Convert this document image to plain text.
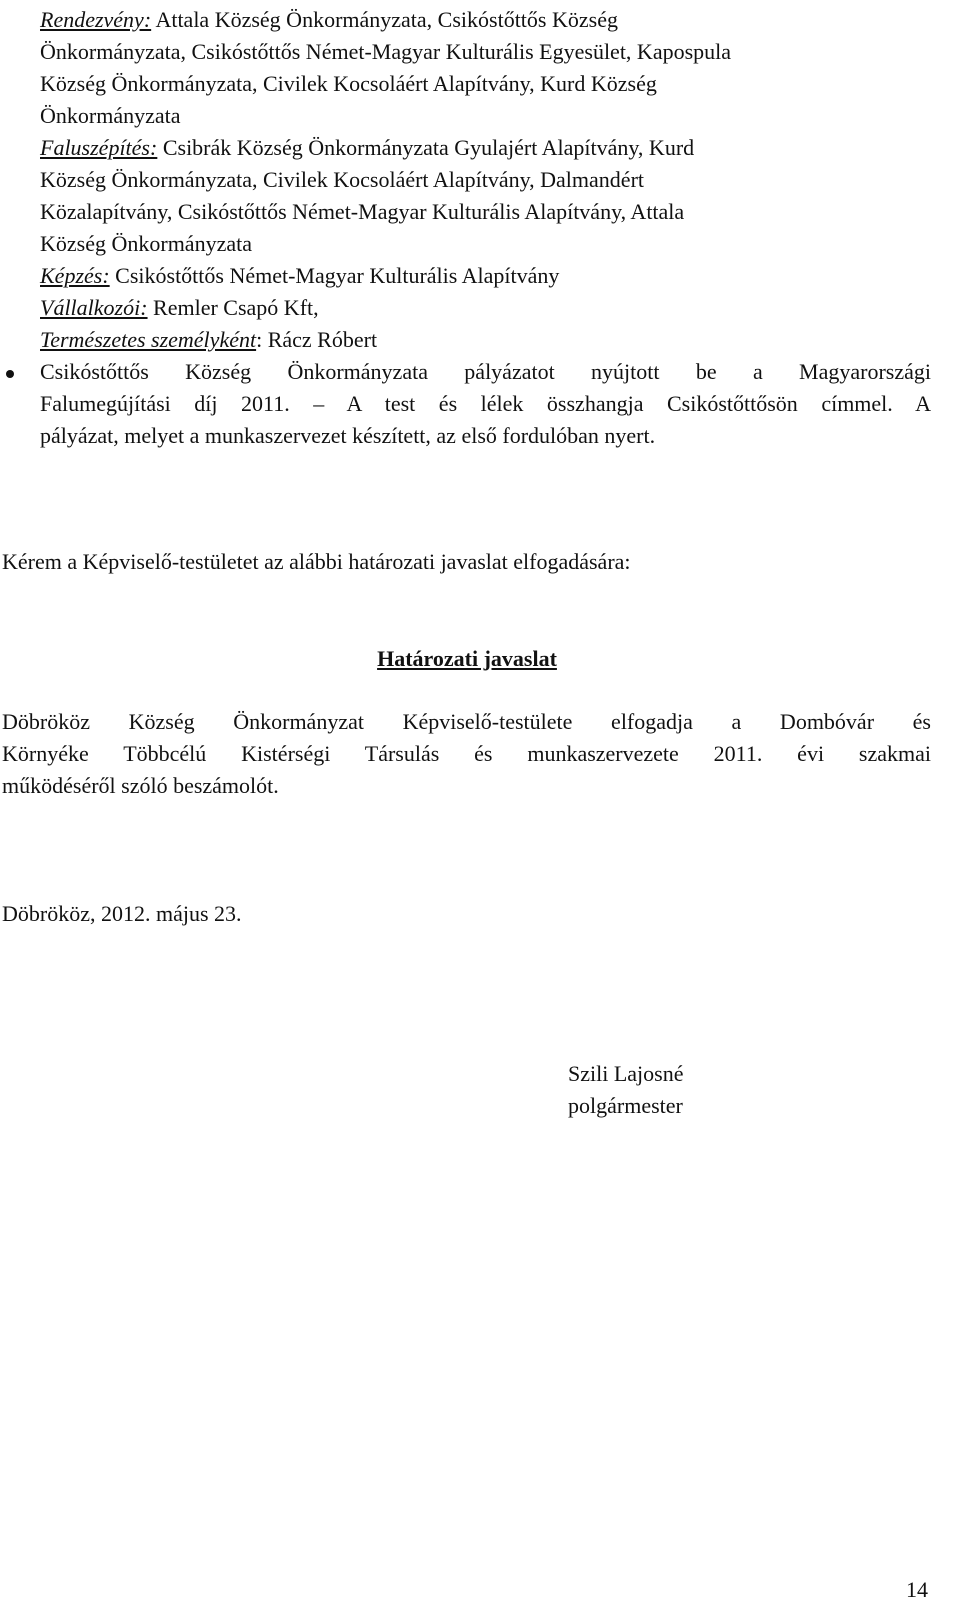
Rendezvény: Attala Község Önkormányzata, Csikóstőttős Község
Önkormányzata, Csikóstőttős Német-Magyar Kulturális Egyesület, Kapospula
Község Önkormányzata, Civilek Kocsoláért Alapítvány, Kurd Község
Önkormányzata
Faluszépítés: Csibrák Község Önkormányzata Gyulajért Alapítvány, Kurd
Község Önkormányzata, Civilek Kocsoláért Alapítvány, Dalmandért
Közalapítvány, Csikóstőttős Német-Magyar Kulturális Alapítvány, Attala
Község Önkormányzata
Képzés: Csikóstőttős Német-Magyar Kulturális Alapítvány
Vállalkozói: Remler Csapó Kft,
Természetes személyként: Rácz Róbert
Csikóstőttős Község Önkormányzata pályázatot nyújtott be a Magyarországi
Falumegújítási díj 2011. – A test és lélek összhangja Csikóstőttősön címmel. A
pályázat, melyet a munkaszervezet készített, az első fordulóban nyert.
Kérem a Képviselő-testületet az alábbi határozati javaslat elfogadására:
Határozati javaslat
Döbrököz Község Önkormányzat Képviselő-testülete elfogadja a Dombóvár és
Környéke Többcélú Kistérségi Társulás és munkaszervezete 2011. évi szakmai
működéséről szóló beszámolót.
Döbrököz, 2012. május 23.
Szili Lajosné
polgármester
14
